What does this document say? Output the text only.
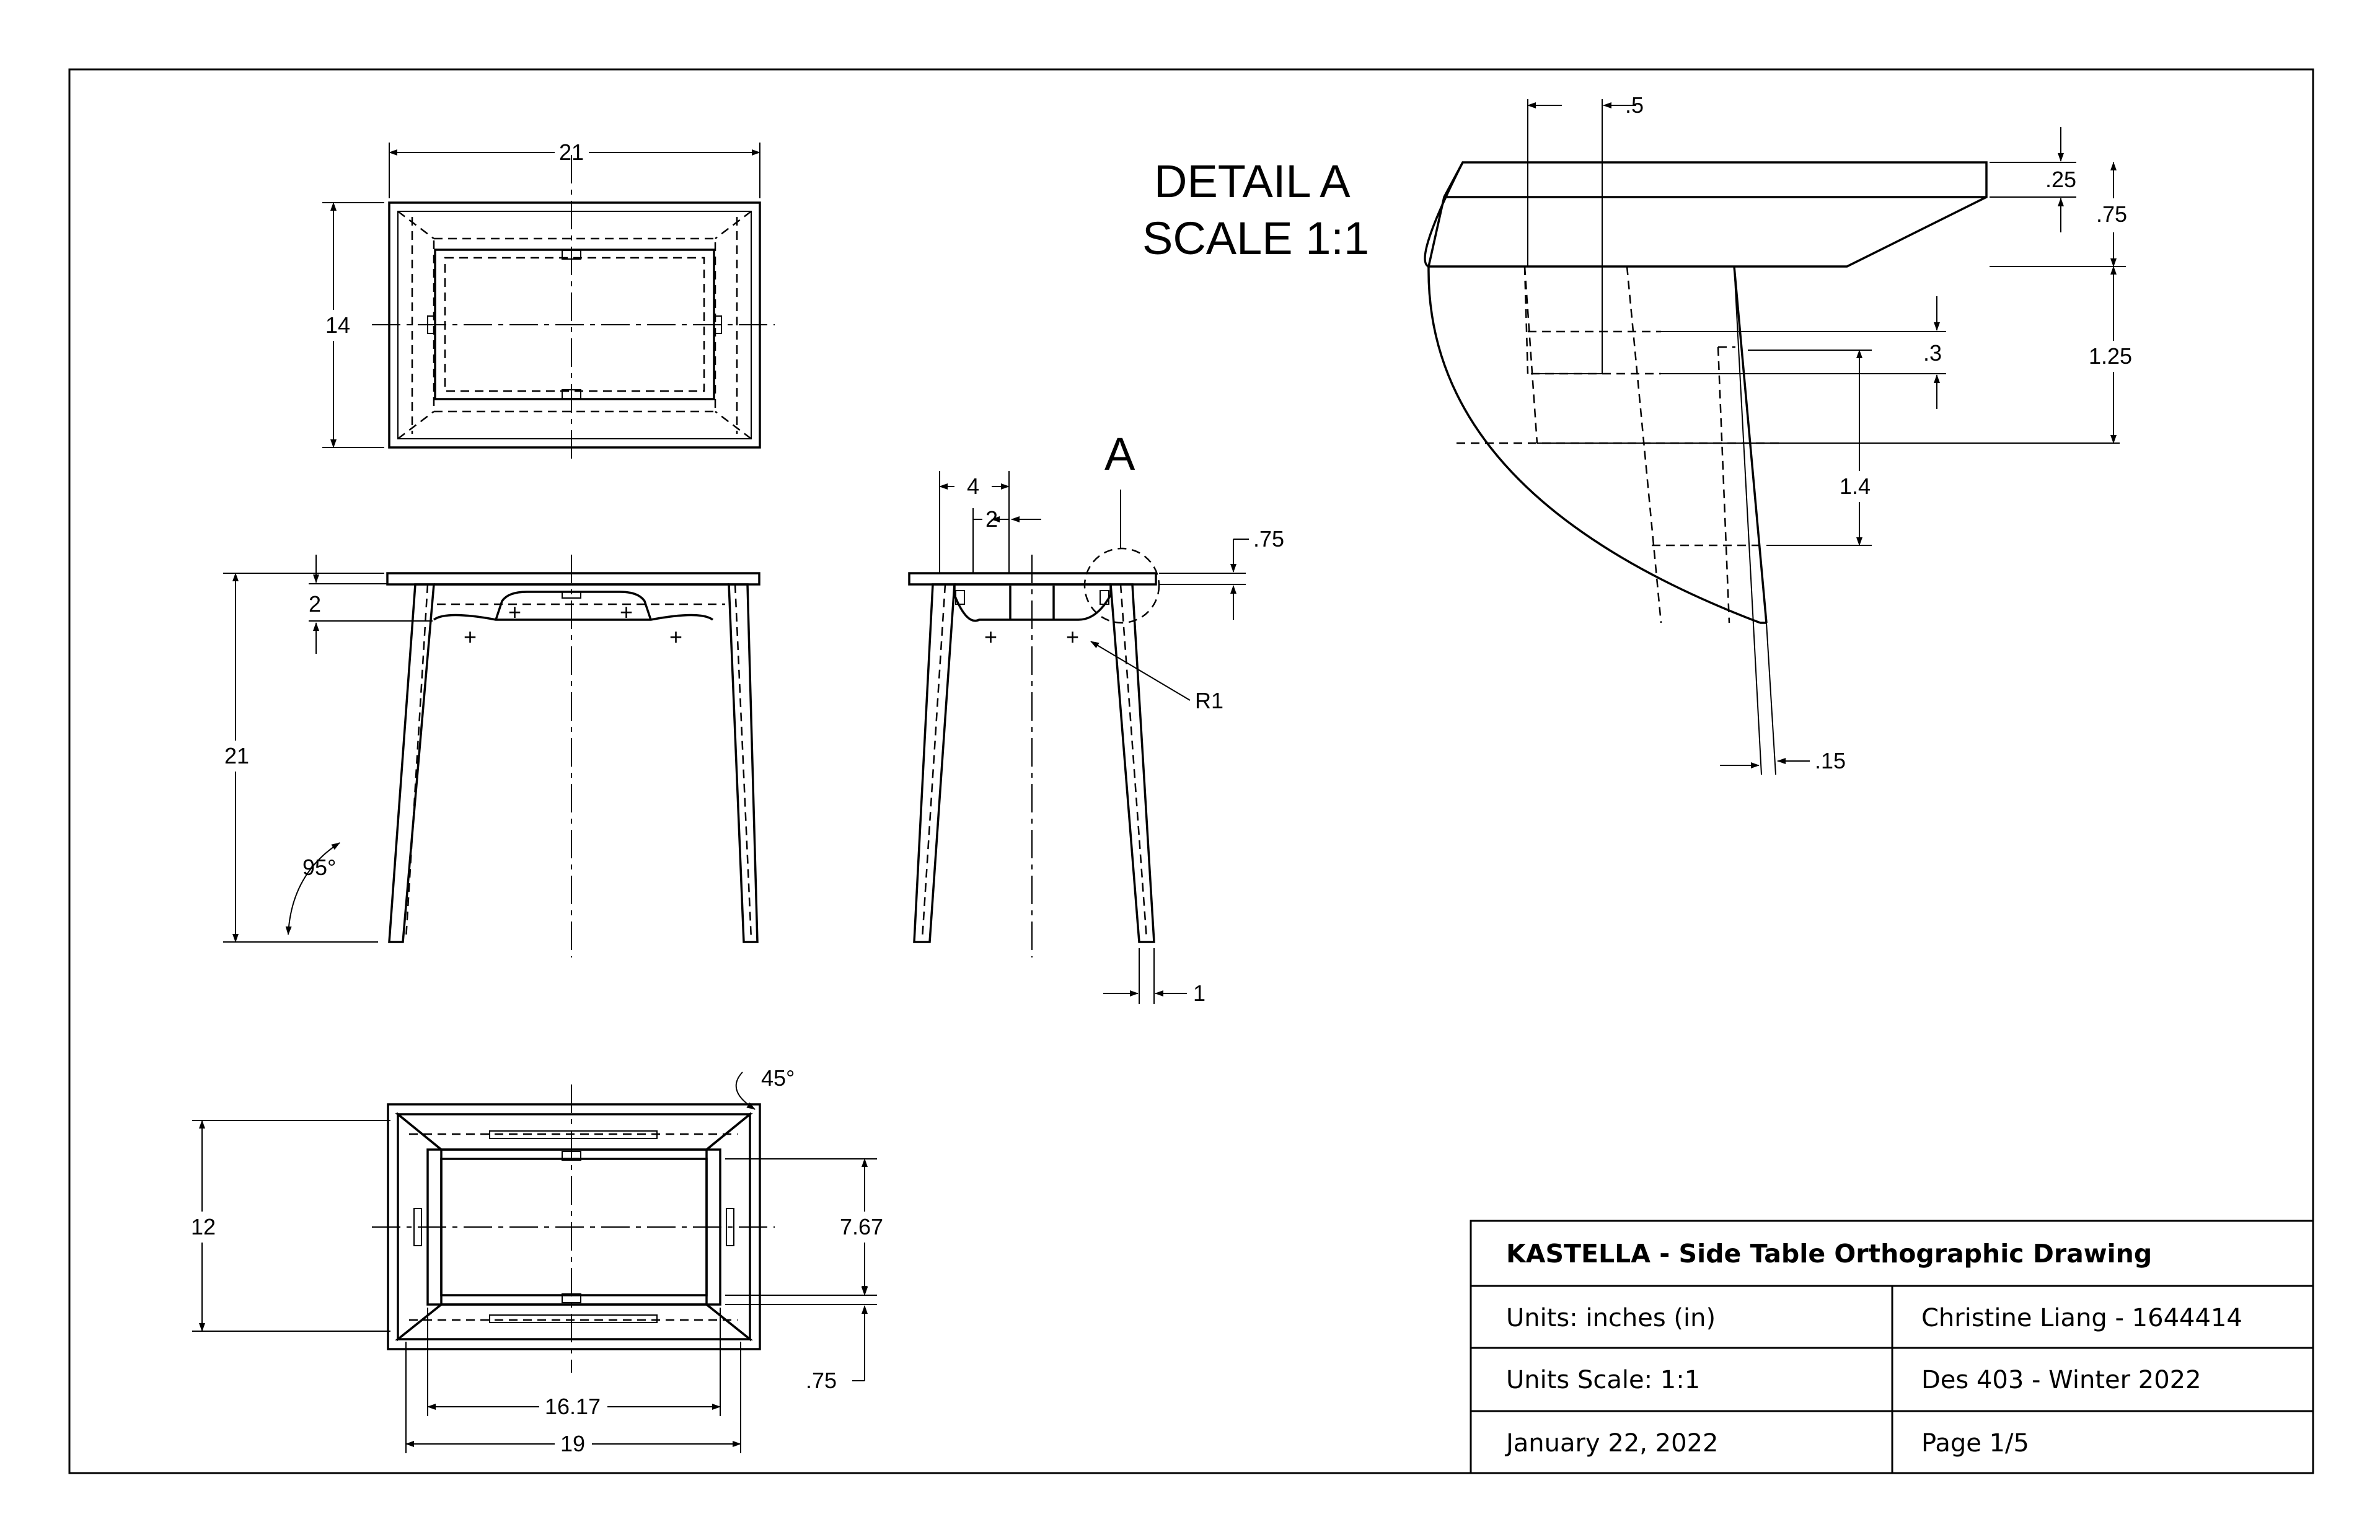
21
14
+	+
+	+
2
21
95°
+	+
A
4
2
.75
R1
1
45°
12	7.67
.75
16.17
19
DETAIL A
SCALE 1:1
.5
.25
.75
1.25
.3
1.4
.15
KASTELLA - Side Table Orthographic Drawing
Units: inches (in)	Christine Liang - 1644414
Units Scale: 1:1	Des 403 - Winter 2022
January 22, 2022	Page 1/5
